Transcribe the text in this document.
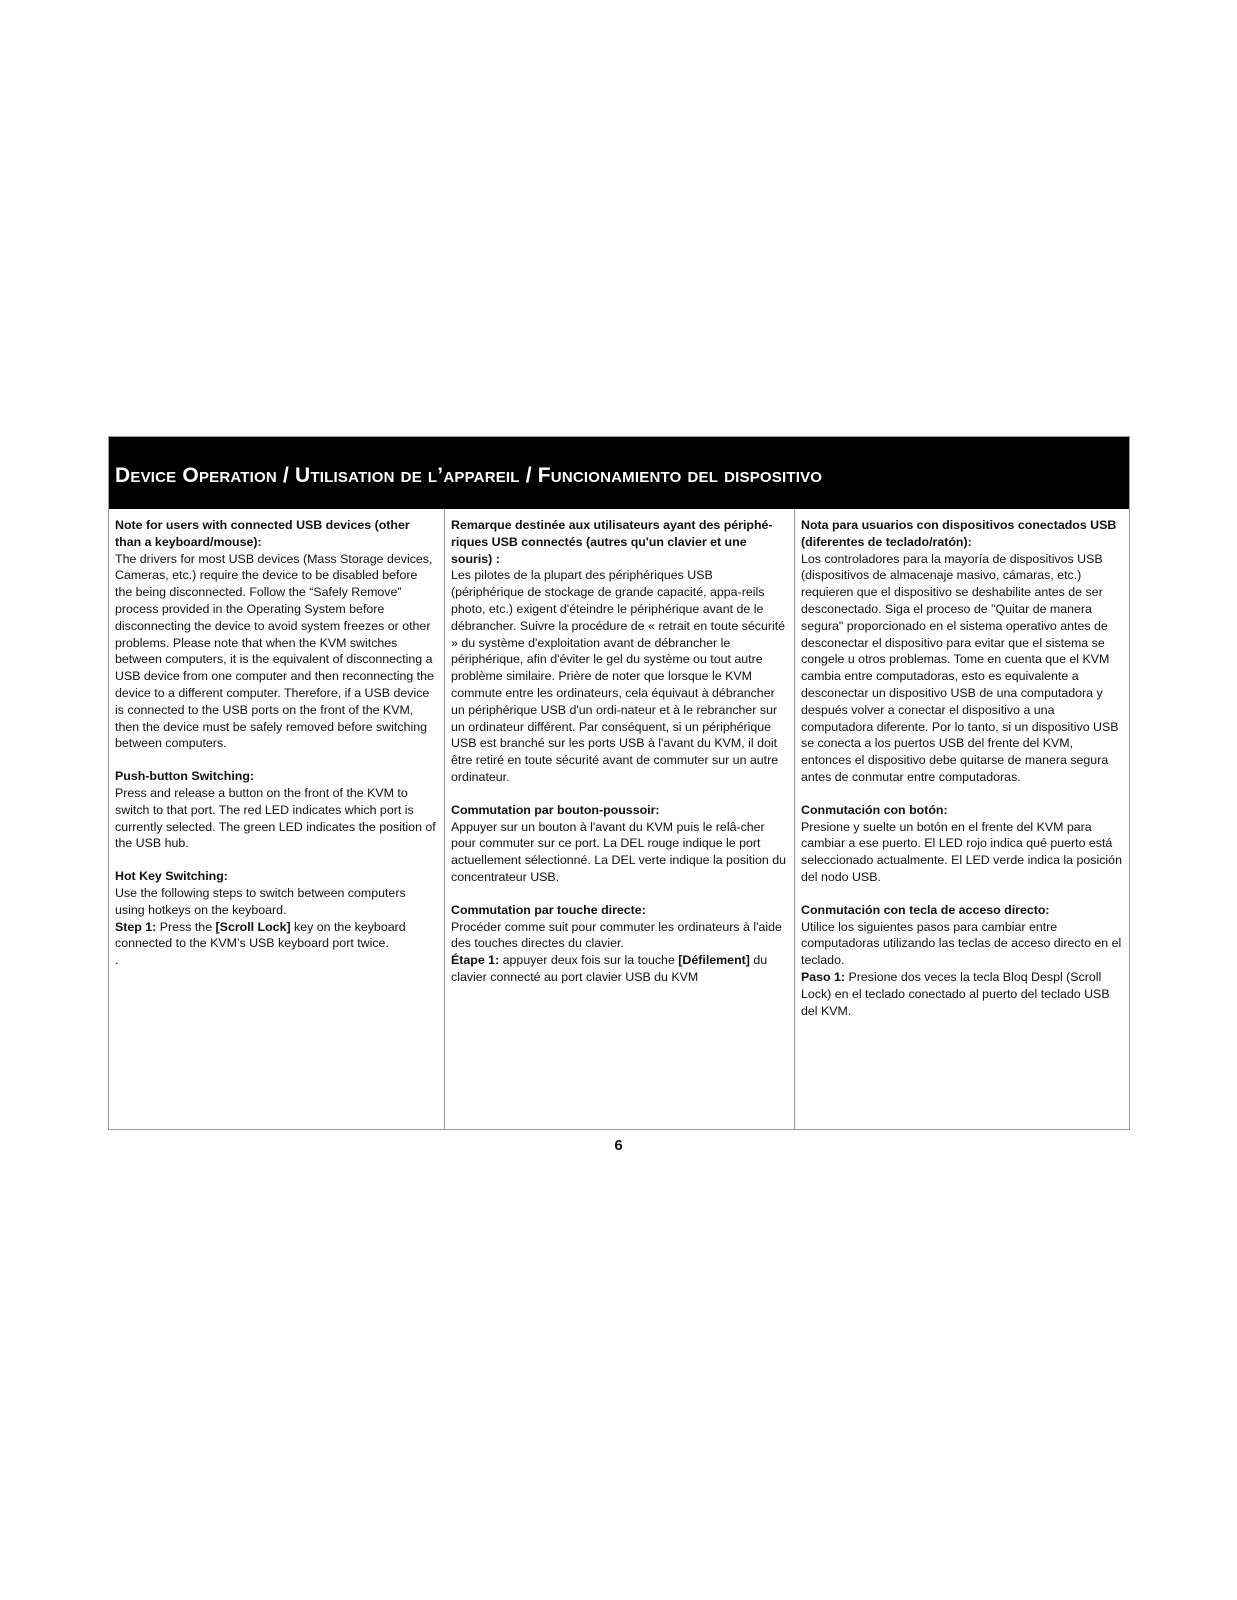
Device Operation / Utilisation de l’appareil / Funcionamiento del dispositivo

Note for users with connected USB devices (other than a keyboard/mouse):

The drivers for most USB devices (Mass Storage devices, Cameras, etc.) require the device to be disabled before the being disconnected. Follow the “Safely Remove” process provided in the Operating System before disconnecting the device to avoid system freezes or other problems. Please note that when the KVM switches between computers, it is the equivalent of disconnecting a USB device from one computer and then reconnecting the device to a different computer. Therefore, if a USB device is connected to the USB ports on the front of the KVM, then the device must be safely removed before switching between computers.

Push-button Switching:

Press and release a button on the front of the KVM to switch to that port. The red LED indicates which port is currently selected. The green LED indicates the position of the USB hub.

Hot Key Switching:

Use the following steps to switch between computers using hotkeys on the keyboard.

Step 1: Press the [Scroll Lock] key on the keyboard connected to the KVM’s USB keyboard port twice.

.

Remarque destinée aux utilisateurs ayant des périphé-riques USB connectés (autres qu'un clavier et une souris) :

Les pilotes de la plupart des périphériques USB (périphérique de stockage de grande capacité, appa-reils photo, etc.) exigent d'éteindre le périphérique avant de le débrancher. Suivre la procédure de « retrait en toute sécurité » du système d'exploitation avant de débrancher le périphérique, afin d'éviter le gel du système ou tout autre problème similaire. Prière de noter que lorsque le KVM commute entre les ordinateurs, cela équivaut à débrancher un périphérique USB d'un ordi-nateur et à le rebrancher sur un ordinateur différent. Par conséquent, si un périphérique USB est branché sur les ports USB à l'avant du KVM, il doit être retiré en toute sécurité avant de commuter sur un autre ordinateur.

Commutation par bouton-poussoir:

Appuyer sur un bouton à l'avant du KVM puis le relâ-cher pour commuter sur ce port. La DEL rouge indique le port actuellement sélectionné. La DEL verte indique la position du concentrateur USB.

Commutation par touche directe:

Procéder comme suit pour commuter les ordinateurs à l'aide des touches directes du clavier.

Étape 1: appuyer deux fois sur la touche [Défilement] du clavier connecté au port clavier USB du KVM

Nota para usuarios con dispositivos conectados USB (diferentes de teclado/ratón):

Los controladores para la mayoría de dispositivos USB (dispositivos de almacenaje masivo, cámaras, etc.) requieren que el dispositivo se deshabilite antes de ser desconectado. Siga el proceso de "Quitar de manera segura" proporcionado en el sistema operativo antes de desconectar el dispositivo para evitar que el sistema se congele u otros problemas. Tome en cuenta que el KVM cambia entre computadoras, esto es equivalente a desconectar un dispositivo USB de una computadora y después volver a conectar el dispositivo a una computadora diferente. Por lo tanto, si un dispositivo USB se conecta a los puertos USB del frente del KVM, entonces el dispositivo debe quitarse de manera segura antes de conmutar entre computadoras.

Conmutación con botón:

Presione y suelte un botón en el frente del KVM para cambiar a ese puerto. El LED rojo indica qué puerto está seleccionado actualmente. El LED verde indica la posición del nodo USB.

Conmutación con tecla de acceso directo:

Utilice los siguientes pasos para cambiar entre computadoras utilizando las teclas de acceso directo en el teclado.

Paso 1: Presione dos veces la tecla Bloq Despl (Scroll Lock) en el teclado conectado al puerto del teclado USB del KVM.

6
